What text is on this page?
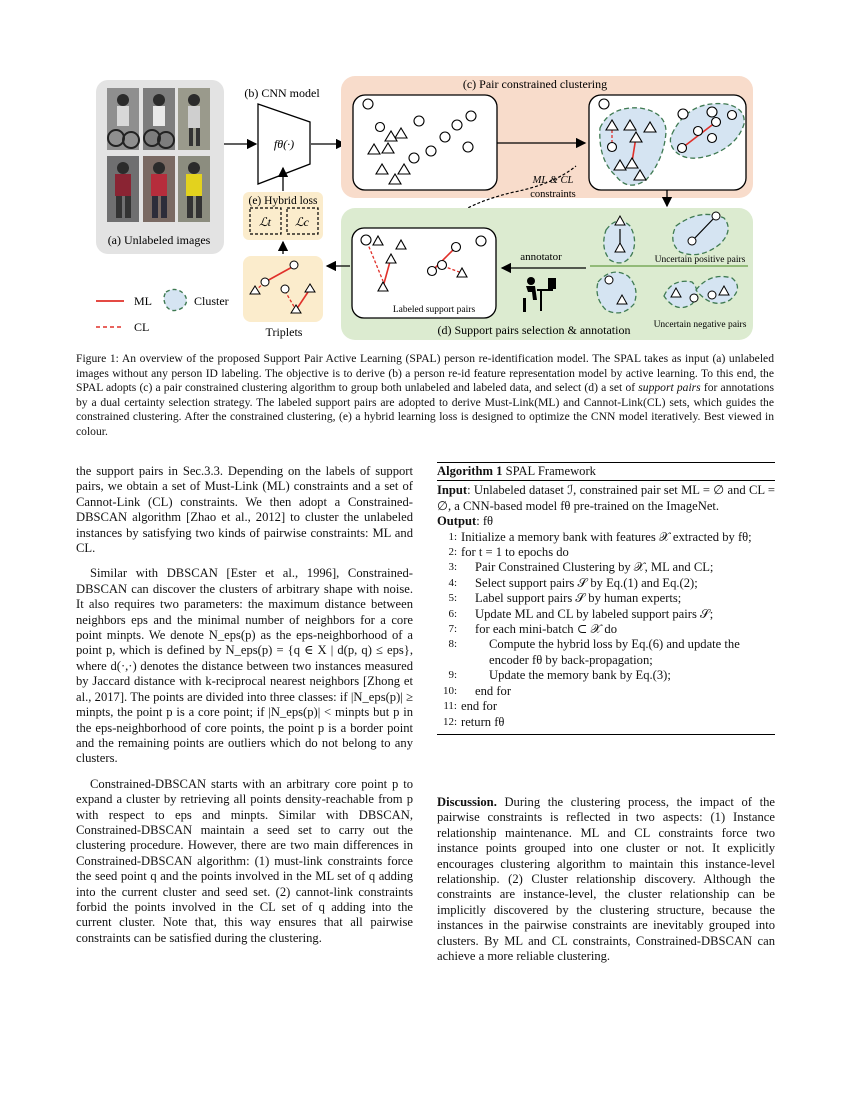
(a) Unlabeled images
(b) CNN model
fθ(·)
(e) Hybrid loss
ℒt ℒc
Triplets
ML	Cluster
CL
(c) Pair constrained clustering
ML & CL
constraints
Labeled support pairs
annotator	Uncertain positive pairs
Uncertain negative pairs
(d) Support pairs selection & annotation
Figure 1: An overview of the proposed Support Pair Active Learning (SPAL) person re-identification model. The SPAL takes as input (a) unlabeled images without any person ID labeling. The objective is to derive (b) a person re-id feature representation model by active learning. To this end, the SPAL adopts (c) a pair constrained clustering algorithm to group both unlabeled and labeled data, and select (d) a set of support pairs for annotations by a dual certainty selection strategy. The labeled support pairs are adopted to derive Must-Link(ML) and Cannot-Link(CL) sets, which guides the constrained clustering. After the constrained clustering, (e) a hybrid learning loss is designed to optimize the CNN model iteratively. Best viewed in colour.

the support pairs in Sec.3.3. Depending on the labels of support pairs, we obtain a set of Must-Link (ML) constraints and a set of Cannot-Link (CL) constraints. We then adopt a Constrained-DBSCAN algorithm [Zhao et al., 2012] to cluster the unlabeled instances by satisfying two kinds of pairwise constraints: ML and CL.

Similar with DBSCAN [Ester et al., 1996], Constrained-DBSCAN can discover the clusters of arbitrary shape with noise. It also requires two parameters: the maximum distance between neighbors eps and the minimal number of neighbors for a core point minpts. We denote N_eps(p) as the eps-neighborhood of a point p, which is defined by N_eps(p) = {q ∈ X | d(p, q) ≤ eps}, where d(·,·) denotes the distance between two instances measured by Jaccard distance with k-reciprocal nearest neighbors [Zhong et al., 2017]. The points are divided into three classes: if |N_eps(p)| ≥ minpts, the point p is a core point; if |N_eps(p)| < minpts but p in the eps-neighborhood of core points, the point p is a border point and the remaining points are outliers which do not belong to any clusters.

Constrained-DBSCAN starts with an arbitrary core point p to expand a cluster by retrieving all points density-reachable from p with respect to eps and minpts. Similar with DBSCAN, Constrained-DBSCAN maintain a seed set to carry out the clustering procedure. However, there are two main differences in Constrained-DBSCAN algorithm: (1) must-link constraints force the seed point q and the points involved in the ML set of q adding into the current cluster and seed set. (2) cannot-link constraints forbid the points involved in the CL set of q adding into the current cluster. Note that, this way ensures that all pairwise constraints can be satisfied during the clustering.

Algorithm 1 SPAL Framework
Input: Unlabeled dataset ℐ, constrained pair set ML = ∅ and CL = ∅, a CNN-based model fθ pre-trained on the ImageNet.
Output: fθ
1: Initialize a memory bank with features 𝒳 extracted by fθ;
2: for t = 1 to epochs do
3:	Pair Constrained Clustering by 𝒳, ML and CL;
4:	Select support pairs 𝒮 by Eq.(1) and Eq.(2);
5:	Label support pairs 𝒮 by human experts;
6:	Update ML and CL by labeled support pairs 𝒮;
7:	for each mini-batch ⊂ 𝒳 do
8:	Compute the hybrid loss by Eq.(6) and update the encoder fθ by back-propagation;
9:	Update the memory bank by Eq.(3);
10:	end for
11: end for
12: return fθ
Discussion. During the clustering process, the impact of the pairwise constraints is reflected in two aspects: (1) Instance relationship maintenance. ML and CL constraints force two instance points grouped into one cluster or not. It explicitly encourages clustering algorithm to maintain this instance-level relationship. (2) Cluster relationship discovery. Although the constraints are instance-level, the cluster relationship can be implicitly discovered by the clustering structure, because the instances in the pairwise constraints are inevitably grouped into clusters. By ML and CL constraints, Constrained-DBSCAN can achieve a more reliable clustering.
